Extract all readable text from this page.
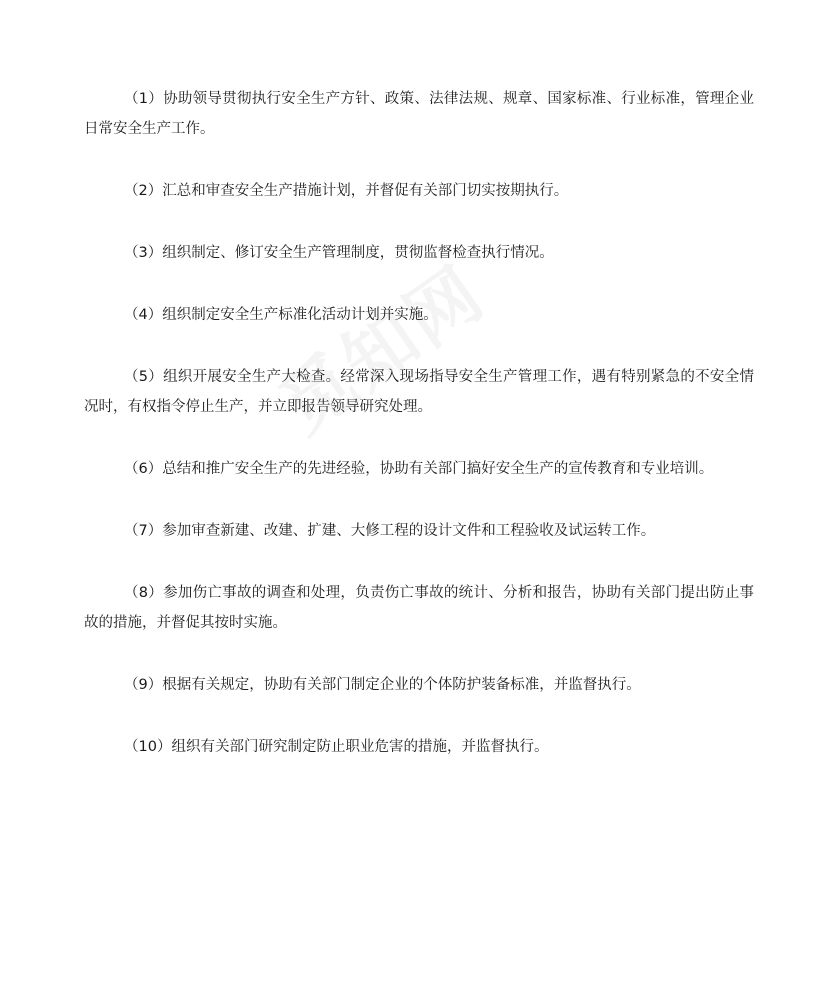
（1）协助领导贯彻执行安全生产方针、政策、法律法规、规章、国家标准、行业标准，管理企业日常安全生产工作。

（2）汇总和审查安全生产措施计划，并督促有关部门切实按期执行。

（3）组织制定、修订安全生产管理制度，贯彻监督检查执行情况。

（4）组织制定安全生产标准化活动计划并实施。

（5）组织开展安全生产大检查。经常深入现场指导安全生产管理工作，遇有特别紧急的不安全情况时，有权指令停止生产，并立即报告领导研究处理。

（6）总结和推广安全生产的先进经验，协助有关部门搞好安全生产的宣传教育和专业培训。

（7）参加审查新建、改建、扩建、大修工程的设计文件和工程验收及试运转工作。

（8）参加伤亡事故的调查和处理，负责伤亡事故的统计、分析和报告，协助有关部门提出防止事故的措施，并督促其按时实施。

（9）根据有关规定，协助有关部门制定企业的个体防护装备标准，并监督执行。

（10）组织有关部门研究制定防止职业危害的措施，并监督执行。
